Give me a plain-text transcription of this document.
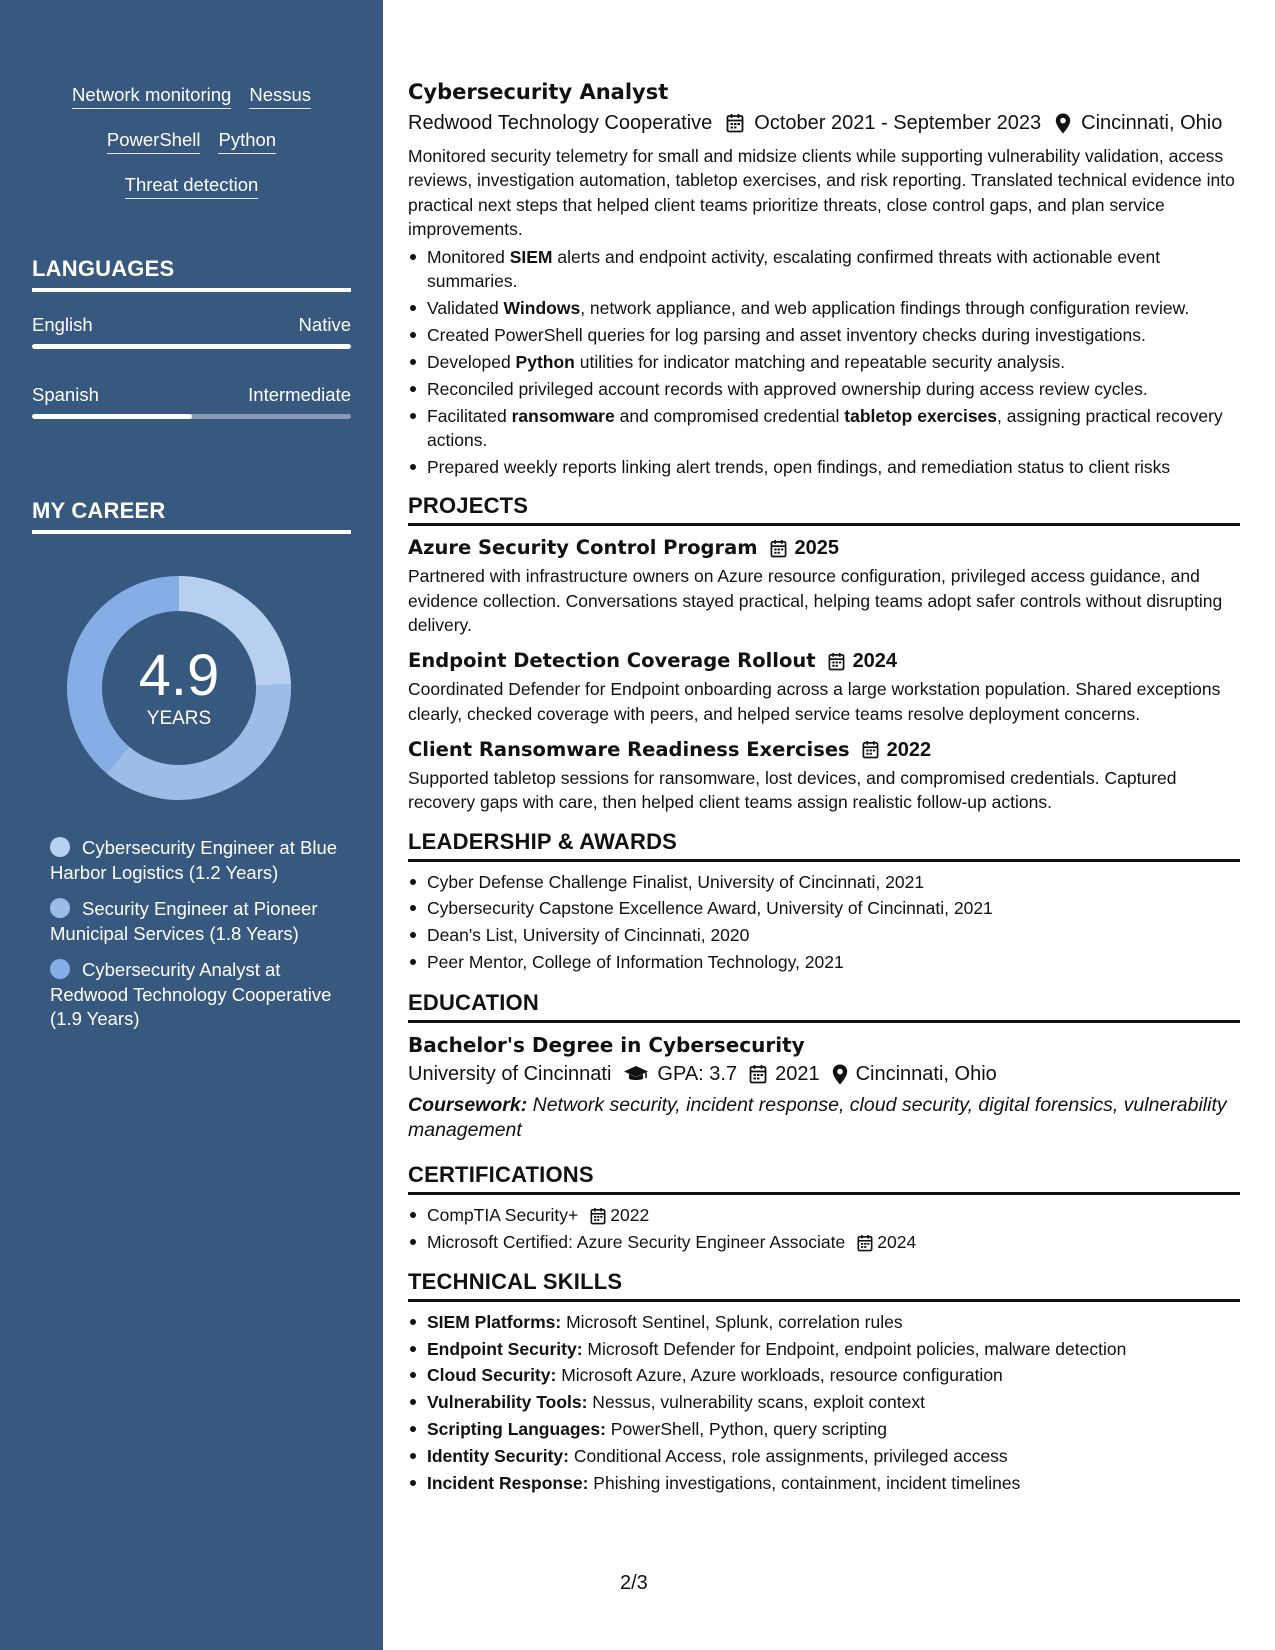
Network monitoring Nessus
PowerShell Python
Threat detection
LANGUAGES
English	Native
Spanish	Intermediate
MY CAREER
4.9
YEARS
Cybersecurity Engineer at Blue Harbor Logistics (1.2 Years)
Security Engineer at Pioneer Municipal Services (1.8 Years)
Cybersecurity Analyst at Redwood Technology Cooperative (1.9 Years)
Cybersecurity Analyst
Redwood Technology Cooperative October 2021 - September 2023 Cincinnati, Ohio
Monitored security telemetry for small and midsize clients while supporting vulnerability validation, access reviews, investigation automation, tabletop exercises, and risk reporting. Translated technical evidence into practical next steps that helped client teams prioritize threats, close control gaps, and plan service improvements.
Monitored SIEM alerts and endpoint activity, escalating confirmed threats with actionable event summaries.
Validated Windows, network appliance, and web application findings through configuration review.
Created PowerShell queries for log parsing and asset inventory checks during investigations.
Developed Python utilities for indicator matching and repeatable security analysis.
Reconciled privileged account records with approved ownership during access review cycles.
Facilitated ransomware and compromised credential tabletop exercises, assigning practical recovery actions.
Prepared weekly reports linking alert trends, open findings, and remediation status to client risks
PROJECTS
Azure Security Control Program 2025
Partnered with infrastructure owners on Azure resource configuration, privileged access guidance, and evidence collection. Conversations stayed practical, helping teams adopt safer controls without disrupting delivery.
Endpoint Detection Coverage Rollout 2024
Coordinated Defender for Endpoint onboarding across a large workstation population. Shared exceptions clearly, checked coverage with peers, and helped service teams resolve deployment concerns.
Client Ransomware Readiness Exercises 2022
Supported tabletop sessions for ransomware, lost devices, and compromised credentials. Captured recovery gaps with care, then helped client teams assign realistic follow-up actions.
LEADERSHIP & AWARDS
Cyber Defense Challenge Finalist, University of Cincinnati, 2021
Cybersecurity Capstone Excellence Award, University of Cincinnati, 2021
Dean's List, University of Cincinnati, 2020
Peer Mentor, College of Information Technology, 2021
EDUCATION
Bachelor's Degree in Cybersecurity
University of Cincinnati GPA: 3.7 2021 Cincinnati, Ohio
Coursework: Network security, incident response, cloud security, digital forensics, vulnerability management
CERTIFICATIONS
CompTIA Security+ 2022
Microsoft Certified: Azure Security Engineer Associate 2024
TECHNICAL SKILLS
SIEM Platforms: Microsoft Sentinel, Splunk, correlation rules
Endpoint Security: Microsoft Defender for Endpoint, endpoint policies, malware detection
Cloud Security: Microsoft Azure, Azure workloads, resource configuration
Vulnerability Tools: Nessus, vulnerability scans, exploit context
Scripting Languages: PowerShell, Python, query scripting
Identity Security: Conditional Access, role assignments, privileged access
Incident Response: Phishing investigations, containment, incident timelines
2/3
